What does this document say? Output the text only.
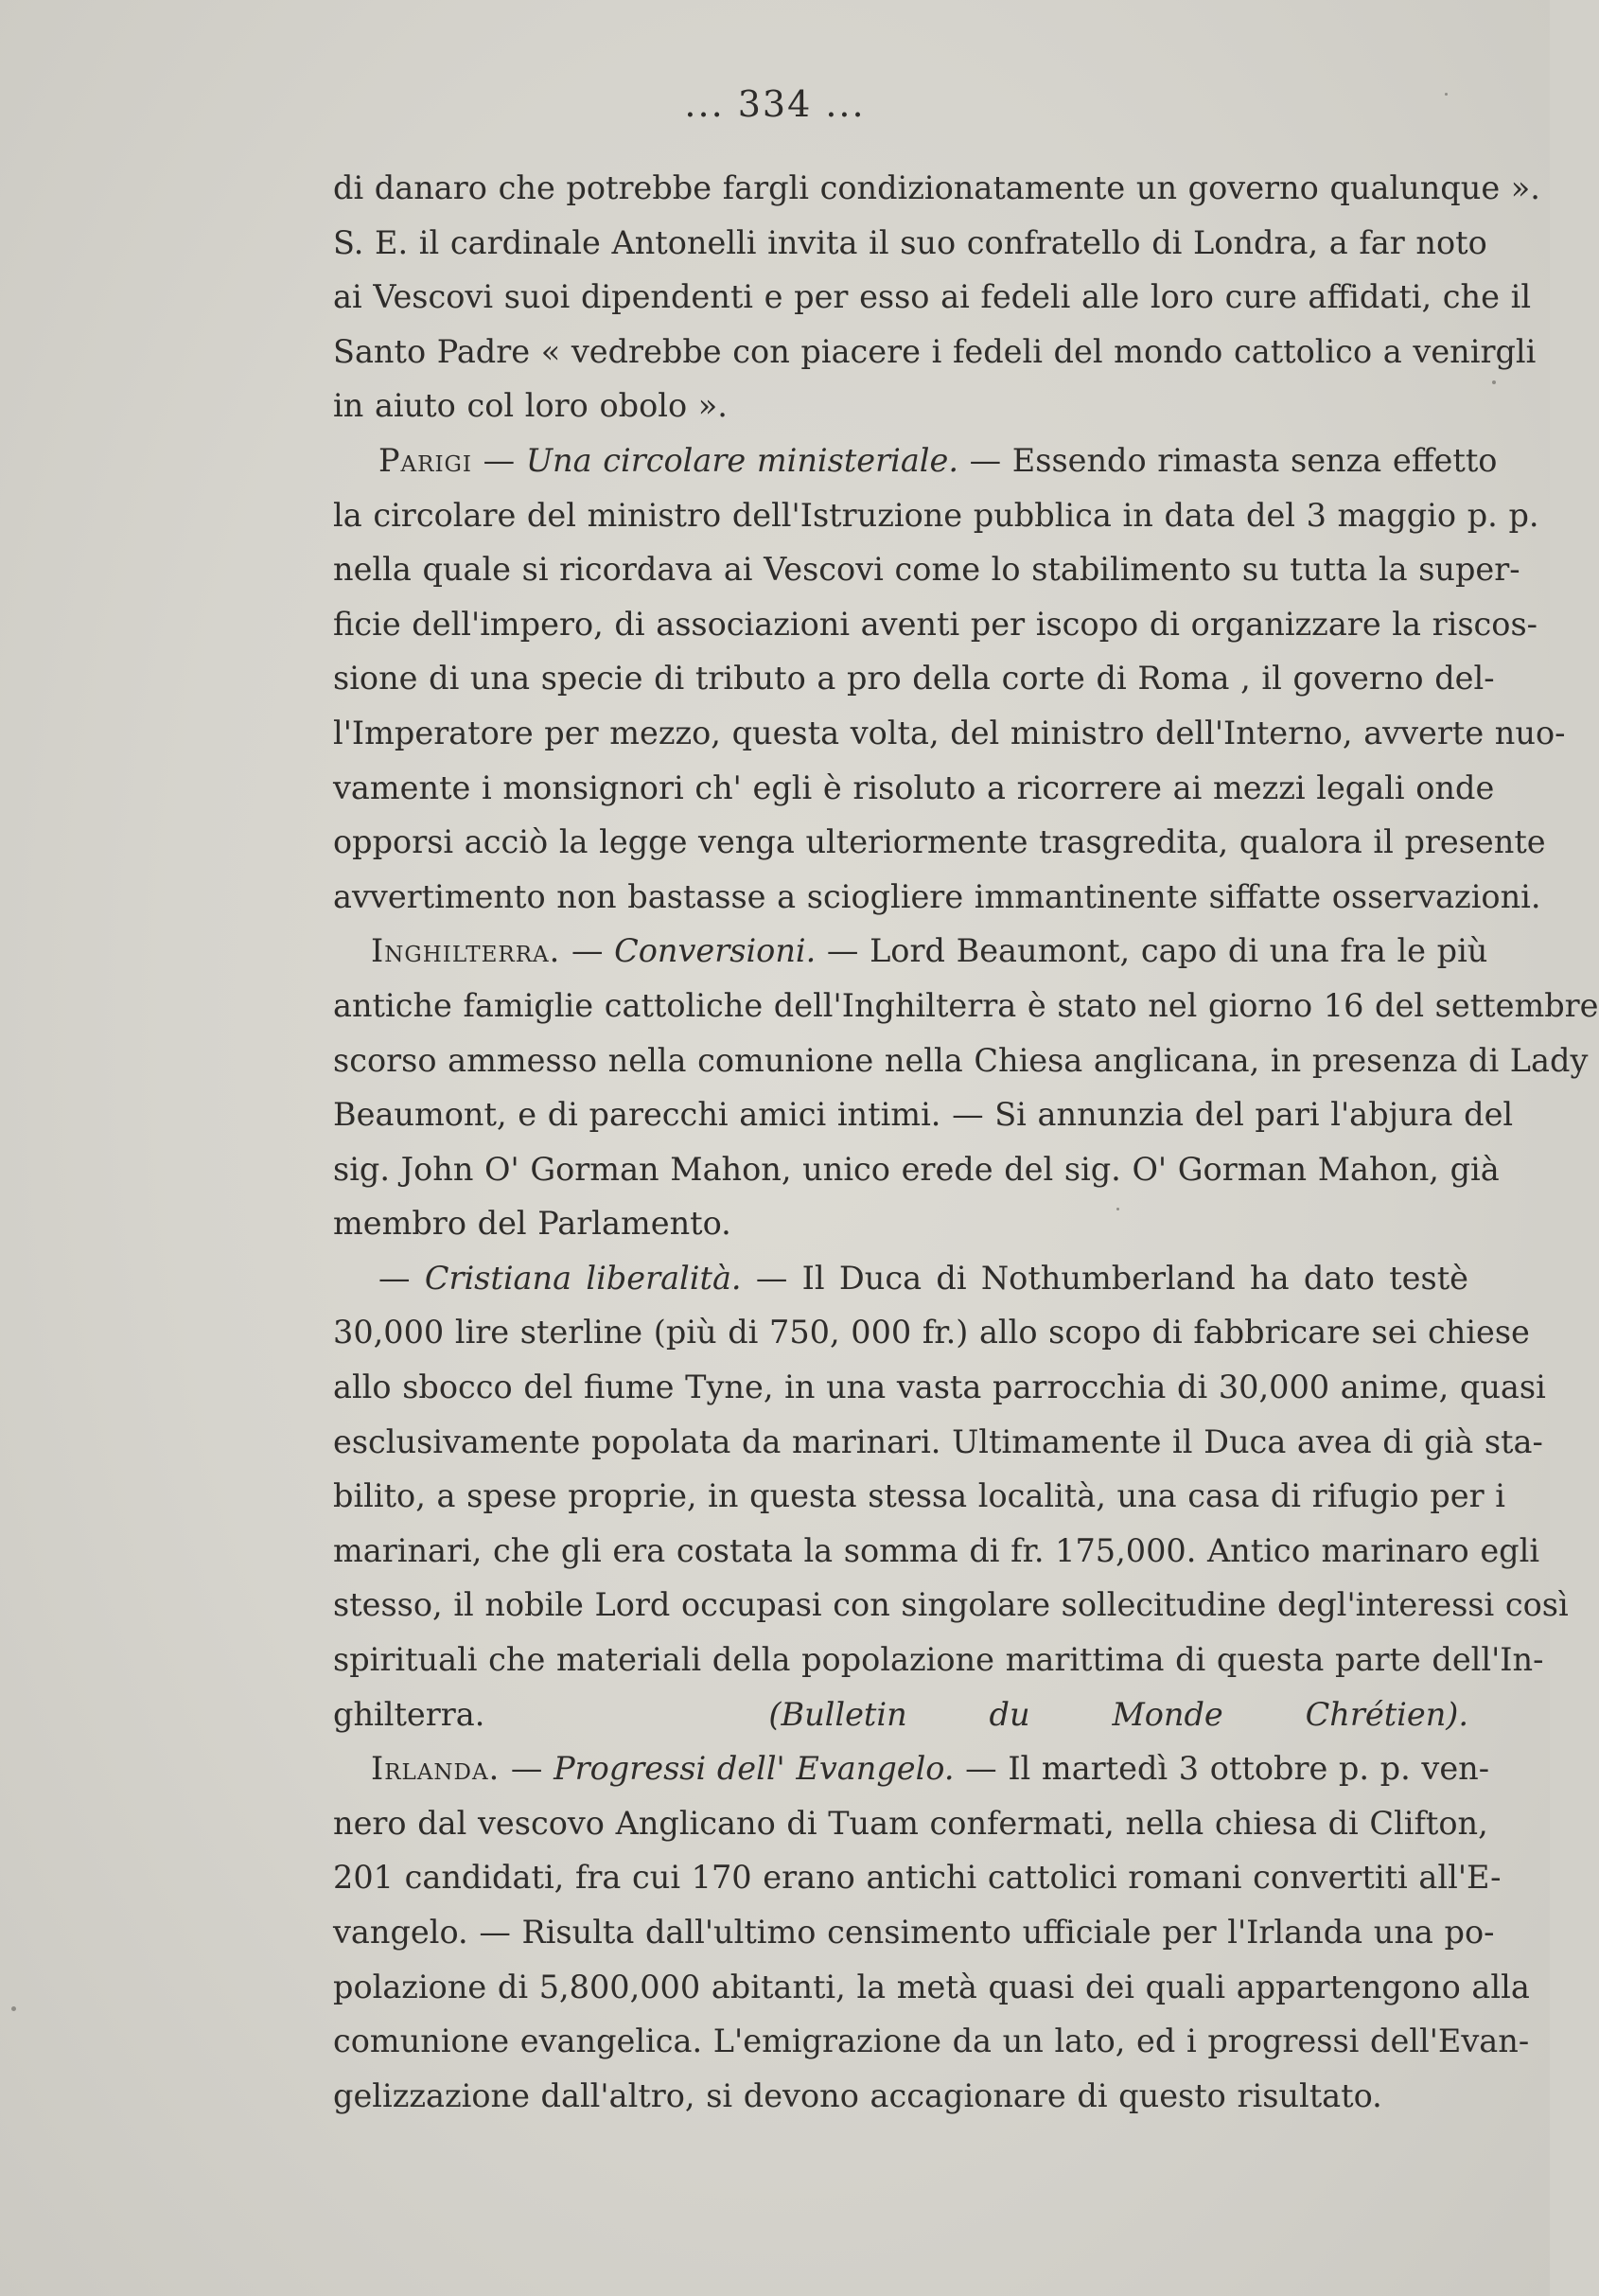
... 334 ...
di danaro che potrebbe fargli condizionatamente un governo qualunque ».
S. E. il cardinale Antonelli invita il suo confratello di Londra, a far noto
ai Vescovi suoi dipendenti e per esso ai fedeli alle loro cure affidati, che il
Santo Padre « vedrebbe con piacere i fedeli del mondo cattolico a venirgli
in aiuto col loro obolo ».
Parigi — Una circolare ministeriale. — Essendo rimasta senza effetto
la circolare del ministro dell'Istruzione pubblica in data del 3 maggio p. p.
nella quale si ricordava ai Vescovi come lo stabilimento su tutta la super-
ficie dell'impero, di associazioni aventi per iscopo di organizzare la riscos-
sione di una specie di tributo a pro della corte di Roma , il governo del-
l'Imperatore per mezzo, questa volta, del ministro dell'Interno, avverte nuo-
vamente i monsignori ch' egli è risoluto a ricorrere ai mezzi legali onde
opporsi acciò la legge venga ulteriormente trasgredita, qualora il presente
avvertimento non bastasse a sciogliere immantinente siffatte osservazioni.
Inghilterra. — Conversioni. — Lord Beaumont, capo di una fra le più
antiche famiglie cattoliche dell'Inghilterra è stato nel giorno 16 del settembre
scorso ammesso nella comunione nella Chiesa anglicana, in presenza di Lady
Beaumont, e di parecchi amici intimi. — Si annunzia del pari l'abjura del
sig. John O' Gorman Mahon, unico erede del sig. O' Gorman Mahon, già
membro del Parlamento.
— Cristiana liberalità. — Il Duca di Nothumberland ha dato testè
30,000 lire sterline (più di 750, 000 fr.) allo scopo di fabbricare sei chiese
allo sbocco del fiume Tyne, in una vasta parrocchia di 30,000 anime, quasi
esclusivamente popolata da marinari. Ultimamente il Duca avea di già sta-
bilito, a spese proprie, in questa stessa località, una casa di rifugio per i
marinari, che gli era costata la somma di fr. 175,000. Antico marinaro egli
stesso, il nobile Lord occupasi con singolare sollecitudine degl'interessi così
spirituali che materiali della popolazione marittima di questa parte dell'In-
ghilterra.	(Bulletin du Monde Chrétien).
Irlanda. — Progressi dell' Evangelo. — Il martedì 3 ottobre p. p. ven-
nero dal vescovo Anglicano di Tuam confermati, nella chiesa di Clifton,
201 candidati, fra cui 170 erano antichi cattolici romani convertiti all'E-
vangelo. — Risulta dall'ultimo censimento ufficiale per l'Irlanda una po-
polazione di 5,800,000 abitanti, la metà quasi dei quali appartengono alla
comunione evangelica. L'emigrazione da un lato, ed i progressi dell'Evan-
gelizzazione dall'altro, si devono accagionare di questo risultato.
